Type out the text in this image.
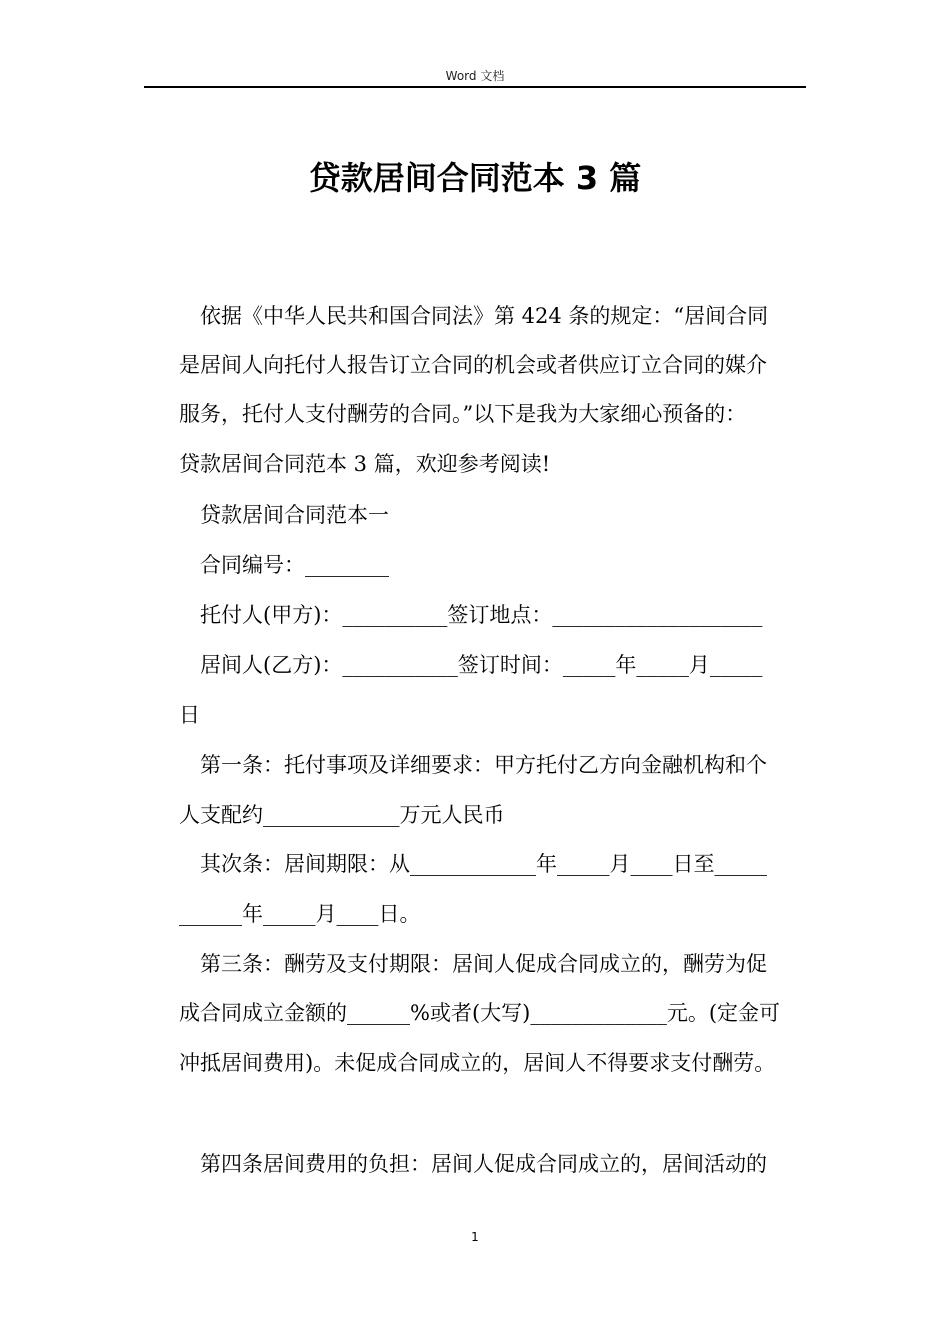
Word 文档
贷款居间合同范本 3 篇
　依据《中华人民共和国合同法》第 424 条的规定：“居间合同
是居间人向托付人报告订立合同的机会或者供应订立合同的媒介
服务，托付人支付酬劳的合同。”以下是我为大家细心预备的：
贷款居间合同范本 3 篇，欢迎参考阅读!
　贷款居间合同范本一
　合同编号：________
　托付人(甲方)：__________签订地点：____________________
　居间人(乙方)：___________签订时间：_____年_____月_____
日
　第一条：托付事项及详细要求：甲方托付乙方向金融机构和个
人支配约_____________万元人民币
　其次条：居间期限：从____________年_____月____日至_____
______年_____月____日。
　第三条：酬劳及支付期限：居间人促成合同成立的，酬劳为促
成合同成立金额的______%或者(大写)_____________元。(定金可
冲抵居间费用)。未促成合同成立的，居间人不得要求支付酬劳。
　第四条居间费用的负担：居间人促成合同成立的，居间活动的
1
